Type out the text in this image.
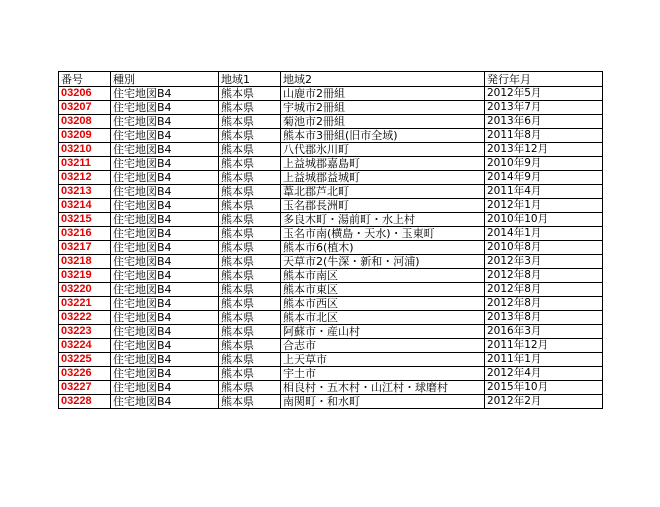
番号	種別	地域1	地域2	発行年月
03206	住宅地図B4	熊本県	山鹿市2冊組	2012年5月
03207	住宅地図B4	熊本県	宇城市2冊組	2013年7月
03208	住宅地図B4	熊本県	菊池市2冊組	2013年6月
03209	住宅地図B4	熊本県	熊本市3冊組(旧市全域)	2011年8月
03210	住宅地図B4	熊本県	八代郡氷川町	2013年12月
03211	住宅地図B4	熊本県	上益城郡嘉島町	2010年9月
03212	住宅地図B4	熊本県	上益城郡益城町	2014年9月
03213	住宅地図B4	熊本県	葦北郡芦北町	2011年4月
03214	住宅地図B4	熊本県	玉名郡長洲町	2012年1月
03215	住宅地図B4	熊本県	多良木町・湯前町・水上村	2010年10月
03216	住宅地図B4	熊本県	玉名市南(横島・天水)・玉東町	2014年1月
03217	住宅地図B4	熊本県	熊本市6(植木)	2010年8月
03218	住宅地図B4	熊本県	天草市2(牛深・新和・河浦)	2012年3月
03219	住宅地図B4	熊本県	熊本市南区	2012年8月
03220	住宅地図B4	熊本県	熊本市東区	2012年8月
03221	住宅地図B4	熊本県	熊本市西区	2012年8月
03222	住宅地図B4	熊本県	熊本市北区	2013年8月
03223	住宅地図B4	熊本県	阿蘇市・産山村	2016年3月
03224	住宅地図B4	熊本県	合志市	2011年12月
03225	住宅地図B4	熊本県	上天草市	2011年1月
03226	住宅地図B4	熊本県	宇土市	2012年4月
03227	住宅地図B4	熊本県	相良村・五木村・山江村・球磨村	2015年10月
03228	住宅地図B4	熊本県	南関町・和水町	2012年2月
